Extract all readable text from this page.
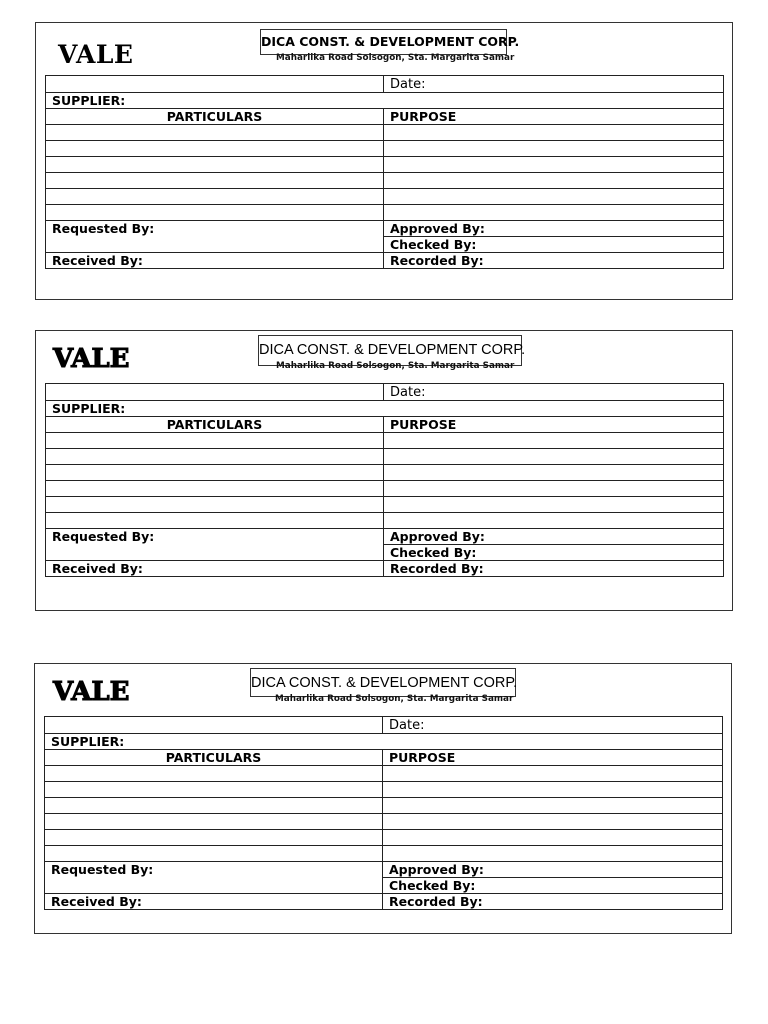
VALE	DICA CONST. & DEVELOPMENT CORP.
Maharlika Road Solsogon, Sta. Margarita Samar
	Date:
SUPPLIER:	
PARTICULARS	PURPOSE

Requested By:	Approved By:
	Checked By:
Received By:	Recorded By:
VALE	DICA CONST. & DEVELOPMENT CORP.
Maharlika Road Solsogon, Sta. Margarita Samar
	Date:
SUPPLIER:	
PARTICULARS	PURPOSE

Requested By:	Approved By:
	Checked By:
Received By:	Recorded By:
VALE	DICA CONST. & DEVELOPMENT CORP.
Maharlika Road Solsogon, Sta. Margarita Samar
	Date:
SUPPLIER:	
PARTICULARS	PURPOSE

Requested By:	Approved By:
	Checked By:
Received By:	Recorded By:
